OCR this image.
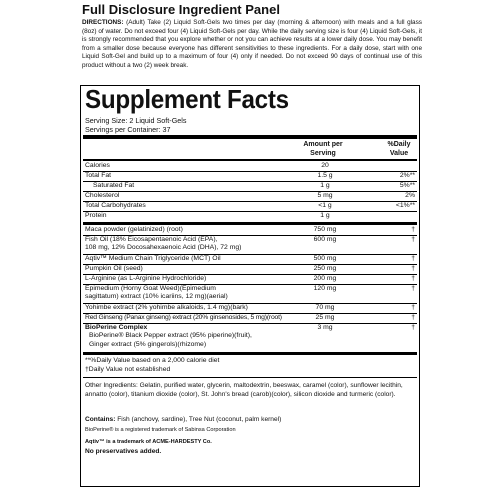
Full Disclosure Ingredient Panel
DIRECTIONS: (Adult) Take (2) Liquid Soft-Gels two times per day (morning & afternoon) with meals and a full glass (8oz) of water. Do not exceed four (4) Liquid Soft-Gels per day. While the daily serving size is four (4) Liquid Soft-Gels, it is strongly recommended that you explore whether or not you can achieve results at a lower daily dose. You may benefit from a smaller dose because everyone has different sensitivities to these ingredients. For a daily dose, start with one Liquid Soft-Gel and build up to a maximum of four (4) only if needed. Do not exceed 90 days of continual use of this product without a two (2) week break.
Supplement Facts
Serving Size: 2 Liquid Soft-Gels
Servings per Container: 37
Amount per
Serving
%Daily
Value
Calories	20
Total Fat	1.5 g	2%**
Saturated Fat	1 g	5%**
Cholesterol	5 mg	2%
Total Carbohydrates	<1 g	<1%**
Protein	1 g
Maca powder (gelatinized) (root)	750 mg	†
Fish Oil (18% Eicosapentaenoic Acid (EPA),
108 mg, 12% Docosahexaenoic Acid (DHA), 72 mg)
600 mg	†
Aqtiv™ Medium Chain Triglyceride (MCT) Oil	500 mg	†
Pumpkin Oil (seed)	250 mg	†
L-Arginine (as L-Arginine Hydrochloride)	200 mg	†
Epimedium (Horny Goat Weed)(Epimedium
sagittatum) extract (10% icariins, 12 mg)(aerial)
120 mg	†
Yohimbe extract (2% yohimbe alkaloids, 1.4 mg)(bark)	70 mg	†
Red Ginseng (Panax ginseng) extract (20% ginsenosides, 5 mg)(root)	25 mg	†
BioPerine Complex
BioPerine® Black Pepper extract (95% piperine)(fruit),
Ginger extract (5% gingerols)(rhizome)
3 mg	†
**%Daily Value based on a 2,000 calorie diet
†Daily Value not established
Other Ingredients: Gelatin, purified water, glycerin, maltodextrin, beeswax, caramel (color), sunflower lecithin, annatto (color), titanium dioxide (color), St. John's bread (carob)(color), silicon dioxide and turmeric (color).
Contains: Fish (anchovy, sardine), Tree Nut (coconut, palm kernel)
BioPerine® is a registered trademark of Sabinsa Corporation
Aqtiv™ is a trademark of ACME-HARDESTY Co.
No preservatives added.
